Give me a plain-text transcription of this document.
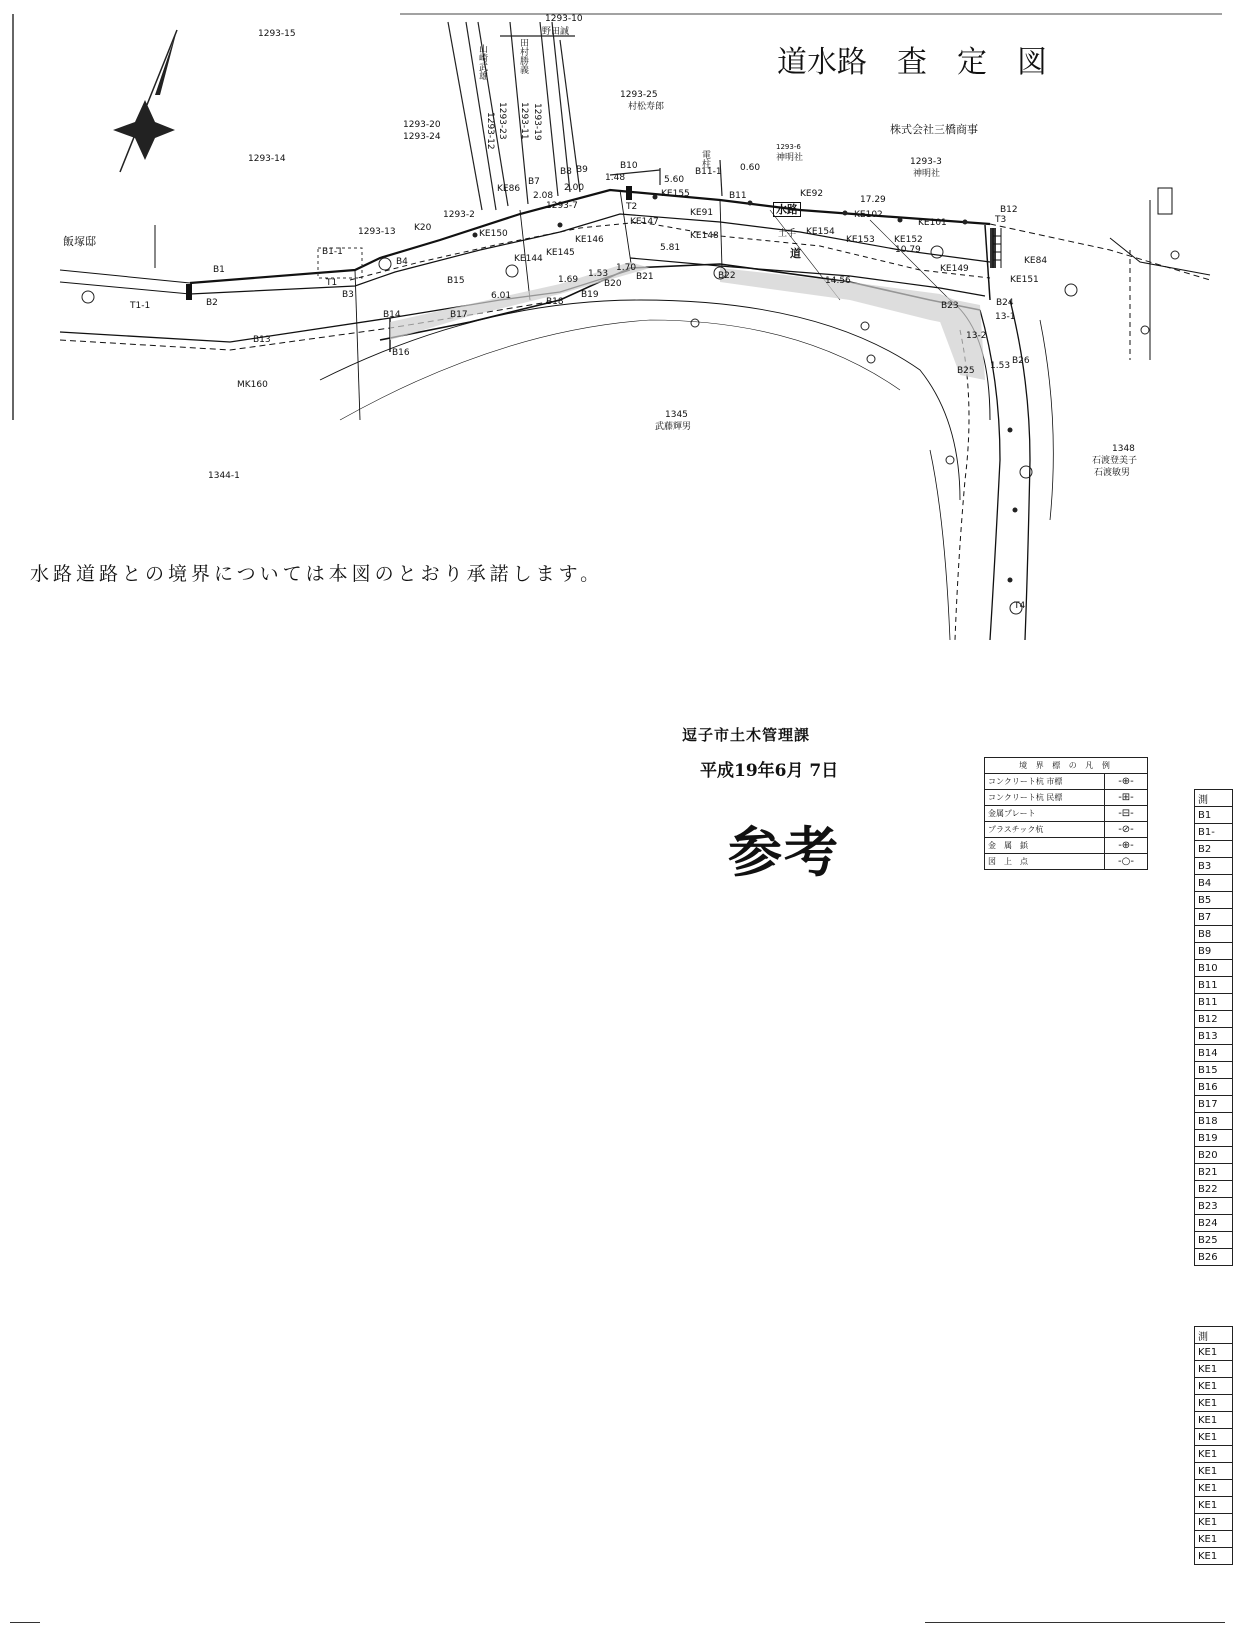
道水路　査　定　図
株式会社三橋商事
1293-15
1293-10
野田誠
1293-25
村松寿郎
1293-20
1293-24
1293-14	1293-3
神明社
1293-6
神明社
1293-13
1293-2
1293-7
飯塚邸
1345
武藤輝男
1344-1
1348
石渡登美子
石渡敏男
MK160
水路
道
土手
山崎武雄	田村勝義
1293-23	1293-19
1293-11
1293-12
2.08
2.00
1.48	5.60
0.60
17.29
5.81
14.56
6.01
1.69
1.53
1.70
10.79
1.53
B1
B1-1
B2
B3
B4
B7
B8 B9	B10
B11
B11-1
B12
B13
B14
B15
B16
B17
B18
B19
B20
B21	B22
B23	B24
B25
B26
T1
T1-1
T2
T3
T4
K20
KE86	KE155
KE147
KE148
KE92
KE102
KE101
KE154
KE153 KE152
KE149
KE151
KE144
KE145
KE146
KE150
KE91
KE84
13-1
13-2
電柱
水路道路との境界については本図のとおり承諾します。
逗子市土木管理課
平成19年6月 7日
参考
境 界 標 の 凡 例	
コンクリート杭 市標	-⊕-
コンクリート杭 民標	-⊞-
金属プレート	-⊟-
プラスチック杭	-⊘-
金　属　鋲	-⊕-
図　上　点	-○-
測
B1
B1-
B2
B3
B4
B5
B7
B8
B9
B10
B11
B11
B12
B13
B14
B15
B16
B17
B18
B19
B20
B21
B22
B23
B24
B25
B26
測
KE1
KE1
KE1
KE1
KE1
KE1
KE1
KE1
KE1
KE1
KE1
KE1
KE1
